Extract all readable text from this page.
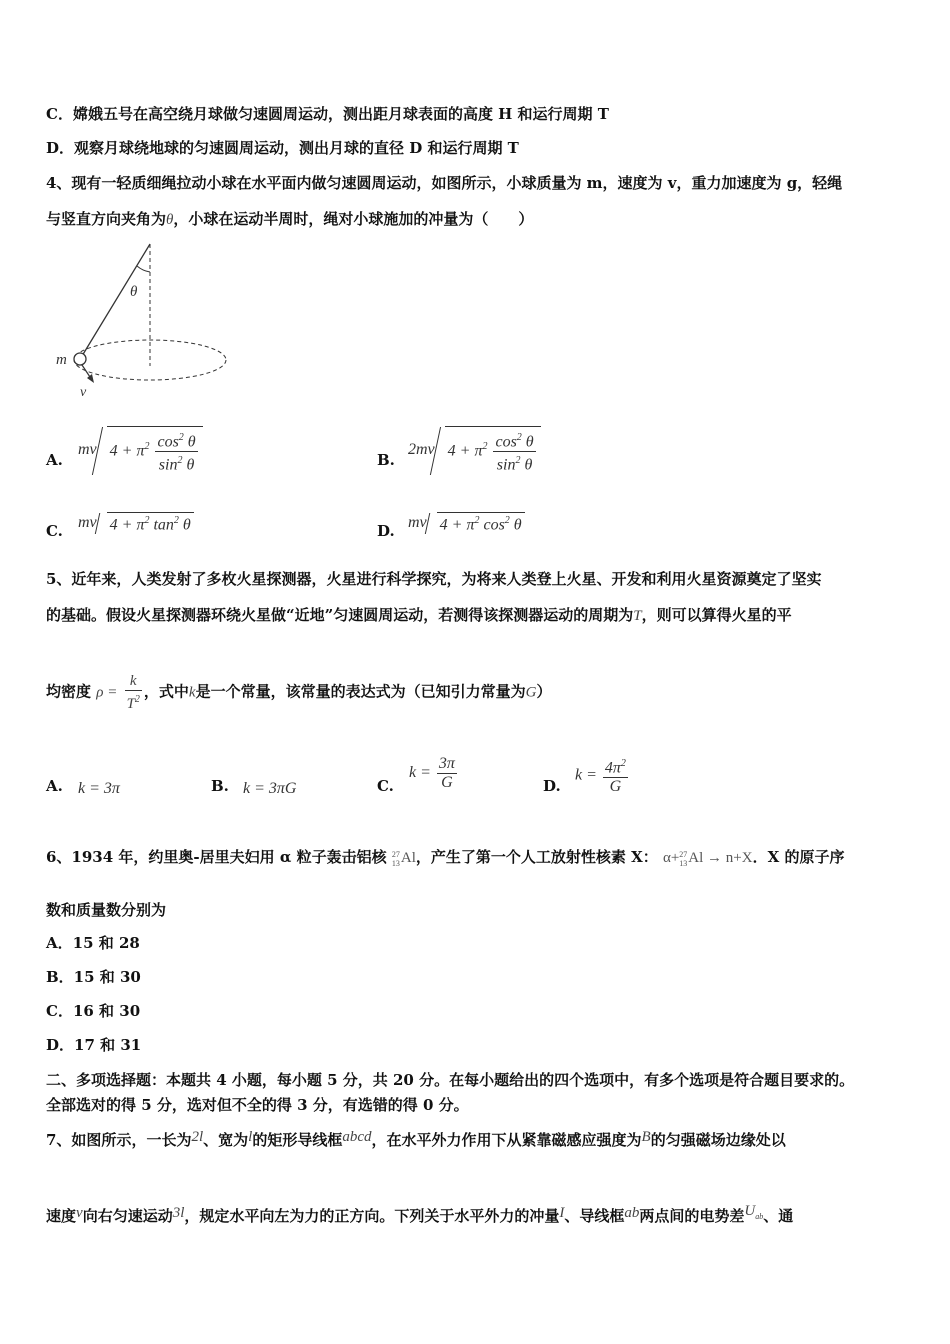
C．嫦娥五号在高空绕月球做匀速圆周运动，测出距月球表面的高度 H 和运行周期 T
D．观察月球绕地球的匀速圆周运动，测出月球的直径 D 和运行周期 T
4、现有一轻质细绳拉动小球在水平面内做匀速圆周运动，如图所示，小球质量为 m，速度为 v，重力加速度为 g，轻绳
与竖直方向夹角为θ，小球在运动半周时，绳对小球施加的冲量为（　　）
θ
m
v
A.
mv $4 + \pi^2 \frac{\cos^2 \theta}{\sin^2 \theta}$	B.
2mv $4 + \pi^2 \frac{\cos^2 \theta}{\sin^2 \theta}$
C. mv $4 + \pi^2$ $\tan^2 \theta$	D. mv $4 + \pi^2$ $\cos^2 \theta$
5、近年来，人类发射了多枚火星探测器，火星进行科学探究，为将来人类登上火星、开发和利用火星资源奠定了坚实
的基础。假设火星探测器环绕火星做“近地”匀速圆周运动，若测得该探测器运动的周期为T，则可以算得火星的平
均密度 $\rho = \frac{k}{T^2}$ ，式中k是一个常量，该常量的表达式为（已知引力常量为G）
A. k = 3π	B. k = 3πG	C.
$k = \frac{3\pi}{G}$	D.
$k = \frac{4\pi^2}{G}$
6、1934 年，约里奥-居里夫妇用 α 粒子轰击铝核 27
13Al，产生了第一个人工放射性核素 X： α+27
13Al → n+X．X 的原子序
数和质量数分别为
A．15 和 28
B．15 和 30
C．16 和 30
D．17 和 31
二、多项选择题：本题共 4 小题，每小题 5 分，共 20 分。在每小题给出的四个选项中，有多个选项是符合题目要求的。
全部选对的得 5 分，选对但不全的得 3 分，有选错的得 0 分。
7、如图所示，一长为2l、宽为l的矩形导线框abcd，在水平外力作用下从紧靠磁感应强度为B的匀强磁场边缘处以
速度v向右匀速运动3l，规定水平向左为力的正方向。下列关于水平外力的冲量I、导线框ab两点间的电势差$U_{ab}$、通
